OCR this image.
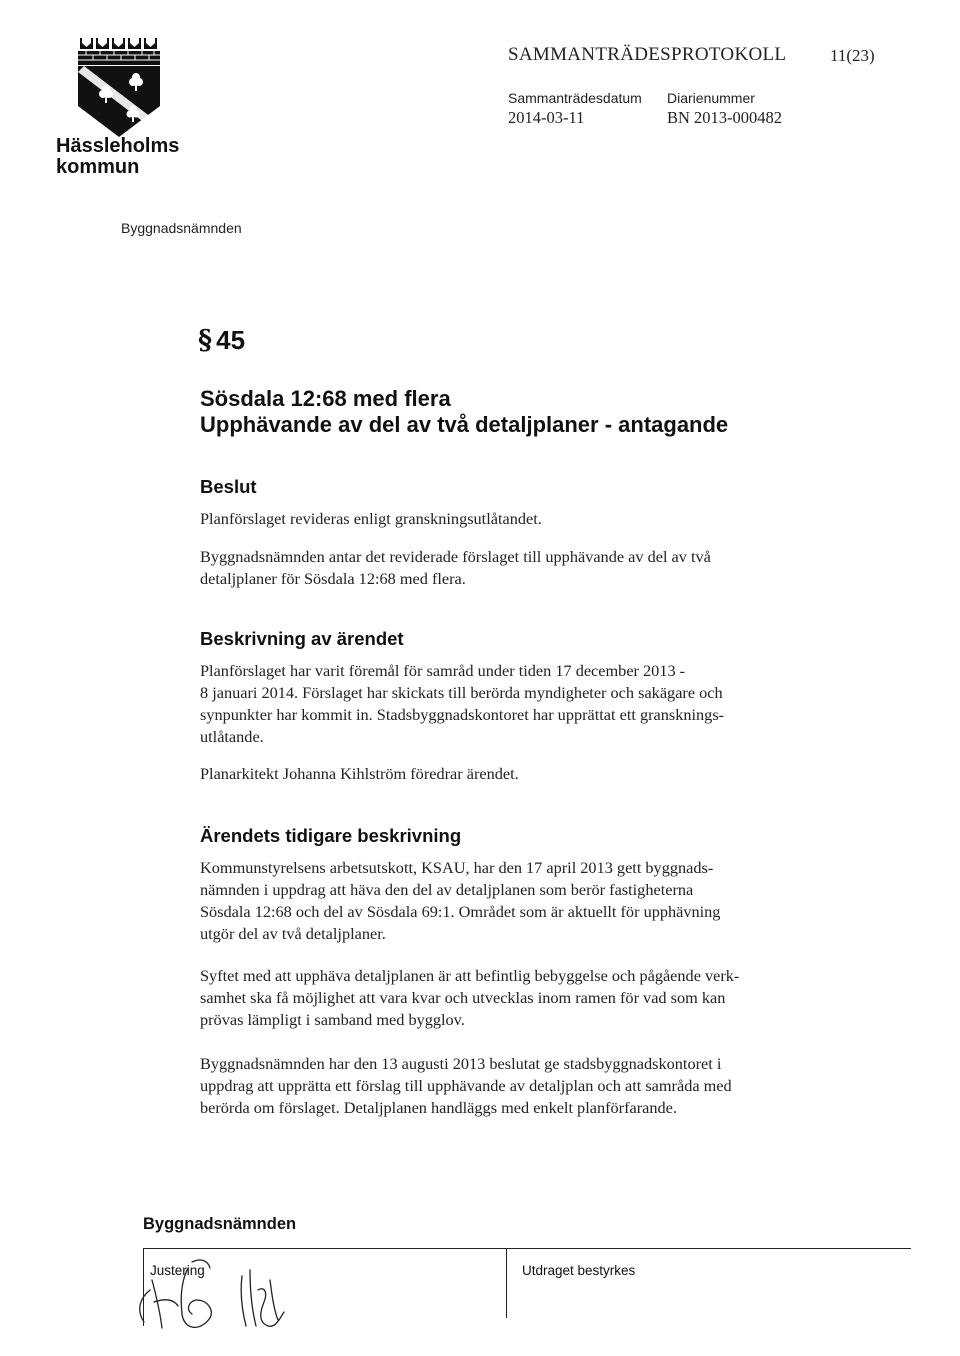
Hässleholms
kommun
SAMMANTRÄDESPROTOKOLL	11(23)
Sammanträdesdatum
2014-03-11
Diarienummer
BN 2013-000482
Byggnadsnämnden
§ 45
Sösdala 12:68 med flera
Upphävande av del av två detaljplaner - antagande
Beslut

Planförslaget revideras enligt granskningsutlåtandet.

Byggnadsnämnden antar det reviderade förslaget till upphävande av del av två

detaljplaner för Sösdala 12:68 med flera.

Beskrivning av ärendet

Planförslaget har varit föremål för samråd under tiden 17 december 2013 -

8 januari 2014. Förslaget har skickats till berörda myndigheter och sakägare och

synpunkter har kommit in. Stadsbyggnadskontoret har upprättat ett gransknings-

utlåtande.

Planarkitekt Johanna Kihlström föredrar ärendet.

Ärendets tidigare beskrivning

Kommunstyrelsens arbetsutskott, KSAU, har den 17 april 2013 gett byggnads-

nämnden i uppdrag att häva den del av detaljplanen som berör fastigheterna

Sösdala 12:68 och del av Sösdala 69:1. Området som är aktuellt för upphävning

utgör del av två detaljplaner.

Syftet med att upphäva detaljplanen är att befintlig bebyggelse och pågående verk-

samhet ska få möjlighet att vara kvar och utvecklas inom ramen för vad som kan

prövas lämpligt i samband med bygglov.

Byggnadsnämnden har den 13 augusti 2013 beslutat ge stadsbyggnadskontoret i

uppdrag att upprätta ett förslag till upphävande av detaljplan och att samråda med

berörda om förslaget. Detaljplanen handläggs med enkelt planförfarande.

Byggnadsnämnden
Justering	Utdraget bestyrkes
